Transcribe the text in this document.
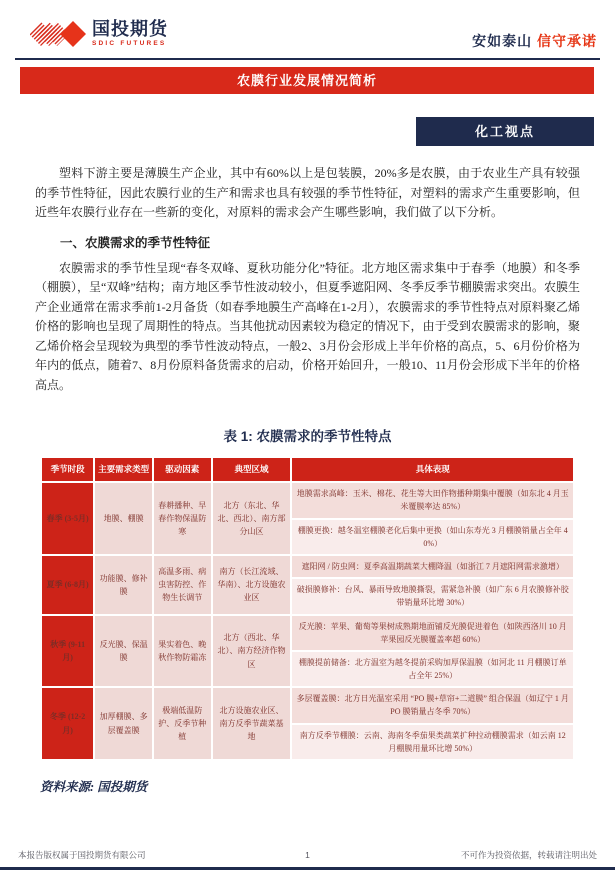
国投期货
SDIC FUTURES	安如泰山 信守承诺
农膜行业发展情况简析
化工视点

塑料下游主要是薄膜生产企业，其中有60%以上是包装膜，20%多是农膜，由于农业生产具有较强的季节性特征，因此农膜行业的生产和需求也具有较强的季节性特征，对塑料的需求产生重要影响，但近些年农膜行业存在一些新的变化，对原料的需求会产生哪些影响，我们做了以下分析。

一、农膜需求的季节性特征

农膜需求的季节性呈现“春冬双峰、夏秋功能分化”特征。北方地区需求集中于春季（地膜）和冬季（棚膜），呈“双峰”结构；南方地区季节性波动较小，但夏季遮阳网、冬季反季节棚膜需求突出。农膜生产企业通常在需求季前1-2月备货（如春季地膜生产高峰在1-2月），农膜需求的季节性特点对原料聚乙烯价格的影响也呈现了周期性的特点。当其他扰动因素较为稳定的情况下，由于受到农膜需求的影响，聚乙烯价格会呈现较为典型的季节性波动特点，一般2、3月份会形成上半年价格的高点，5、6月份价格为年内的低点，随着7、8月份原料备货需求的启动，价格开始回升，一般10、11月份会形成下半年的价格高点。

表 1: 农膜需求的季节性特点
季节时段	主要需求类型	驱动因素	典型区域	具体表现
春季 (3-5月)	地膜、棚膜	春耕播种、早春作物保温防寒	北方（东北、华北、西北）、南方部分山区	地膜需求高峰：玉米、棉花、花生等大田作物播种期集中覆膜（如东北 4 月玉米覆膜率达 85%）
				棚膜更换：越冬温室棚膜老化后集中更换（如山东寿光 3 月棚膜销量占全年 40%）
夏季 (6-8月)	功能膜、修补膜	高温多雨、病虫害防控、作物生长调节	南方（长江流域、华南）、北方设施农业区	遮阳网 / 防虫网：夏季高温期蔬菜大棚降温（如浙江 7 月遮阳网需求激增）
				破损膜修补：台风、暴雨导致地膜撕裂，需紧急补膜（如广东 6 月农膜修补胶带销量环比增 30%）
秋季 (9-11 月)	反光膜、保温膜	果实着色、晚秋作物防霜冻	北方（西北、华北）、南方经济作物区	反光膜：苹果、葡萄等果树成熟期地面铺反光膜促进着色（如陕西洛川 10 月苹果园反光膜覆盖率超 60%）
				棚膜提前储备：北方温室为越冬提前采购加厚保温膜（如河北 11 月棚膜订单占全年 25%）
冬季 (12-2 月)	加厚棚膜、多层覆盖膜	极端低温防护、反季节种植	北方设施农业区、南方反季节蔬菜基地	多层覆盖膜：北方日光温室采用 “PO 膜+草帘+二道膜” 组合保温（如辽宁 1 月 PO 膜销量占冬季 70%）
				南方反季节棚膜：云南、海南冬季茄果类蔬菜扩种拉动棚膜需求（如云南 12 月棚膜用量环比增 50%）
资料来源: 国投期货
本报告版权属于国投期货有限公司	1	不可作为投资依据，转载请注明出处
